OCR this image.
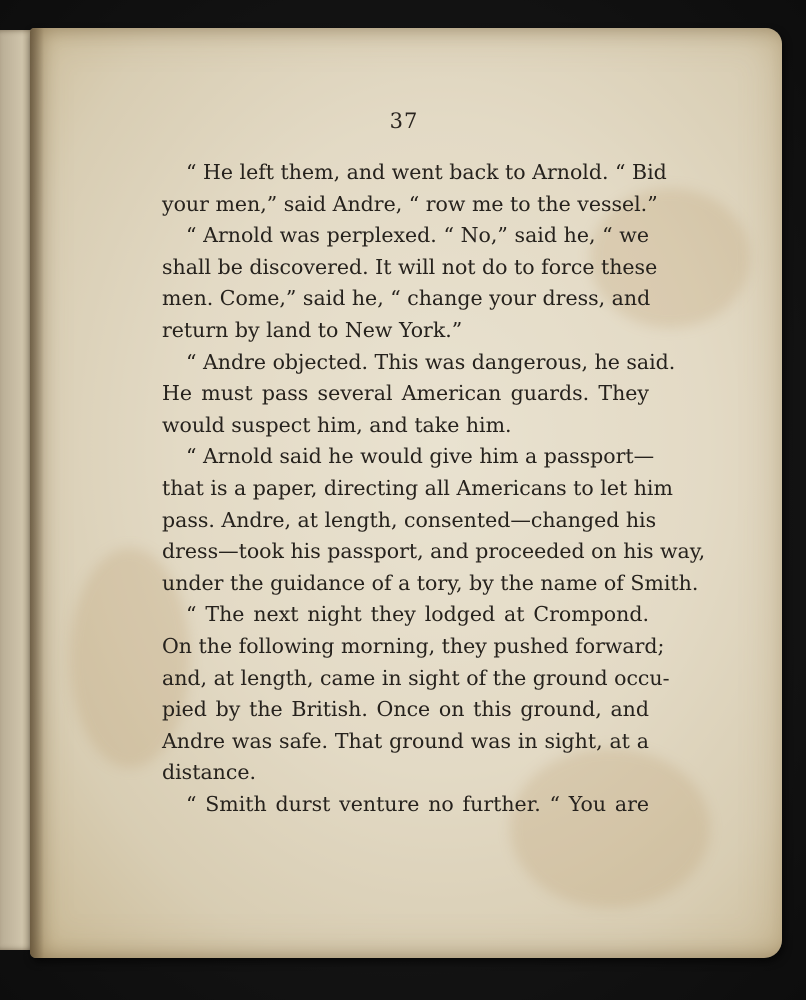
37
“ He left them, and went back to Arnold. “ Bid
your men,” said Andre, “ row me to the vessel.”
“ Arnold was perplexed. “ No,” said he, “ we
shall be discovered. It will not do to force these
men. Come,” said he, “ change your dress, and
return by land to New York.”
“ Andre objected. This was dangerous, he said.
He must pass several American guards. They
would suspect him, and take him.
“ Arnold said he would give him a passport—
that is a paper, directing all Americans to let him
pass. Andre, at length, consented—changed his
dress—took his passport, and proceeded on his way,
under the guidance of a tory, by the name of Smith.
“ The next night they lodged at Crompond.
On the following morning, they pushed forward;
and, at length, came in sight of the ground occu-
pied by the British. Once on this ground, and
Andre was safe. That ground was in sight, at a
distance.
“ Smith durst venture no further. “ You are
